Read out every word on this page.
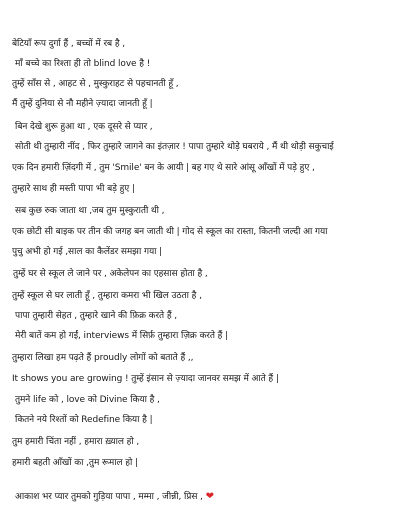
बेटियाँ रूप दुर्गा हैं , बच्चों में रब है ,
माँ बच्चे का रिश्ता ही तो blind love है !
तुम्हें साँस से , आहट से , मुस्कुराहट से पहचानती हूँ ,
मैं तुम्हें दुनिया से नौ महीने ज़्यादा जानती हूँ |
बिन देखे शुरू हुआ था , एक दूसरे से प्यार ,
सोती थी तुम्हारी नींद , फिर तुम्हारे जागने का इंतज़ार ! पापा तुम्हारे थोड़े घबराये , मैं थी थोड़ी सकुचाई
एक दिन हमारी ज़िंदगी में , तुम 'Smile' बन के आयी | बह गए थे सारे आंसू आँखों में पड़े हुए ,
तुम्हारे साथ ही मस्ती पापा भी बड़े हुए |
सब कुछ रुक जाता था ,जब तुम मुस्कुराती थी ,
एक छोटी सी बाइक पर तीन की जगह बन जाती थी | गोद से स्कूल का रास्ता, कितनी जल्दी आ गया
पुचु अभी हो गई ,साल का कैलेंडर समझा गया |
तुम्हें घर से स्कूल ले जाने पर , अकेलेपन का एहसास होता है ,
तुम्हें स्कूल से घर लाती हूँ , तुम्हारा कमरा भी खिल उठता है ,
पापा तुम्हारी सेहत , तुम्हारे खाने की फ़िक्र करते हैं ,
मेरी बातें कम हो गईं, interviews में सिर्फ़ तुम्हारा ज़िक्र करते हैं |
तुम्हारा लिखा हम पढ़ते हैं proudly लोगों को बताते हैं ,,
It shows you are growing ! तुम्हें इंसान से ज़्यादा जानवर समझ में आते हैं |
तुमने life को , love को Divine किया है ,
कितने नये रिश्तों को Redefine किया है |
तुम हमारी चिंता नहीं , हमारा ख़्याल हो ,
हमारी बहती आँखों का ,तुम रूमाल हो |
आकाश भर प्यार तुमको गुड़िया पापा , मम्मा , जीन्नी, प्रिस , ❤
